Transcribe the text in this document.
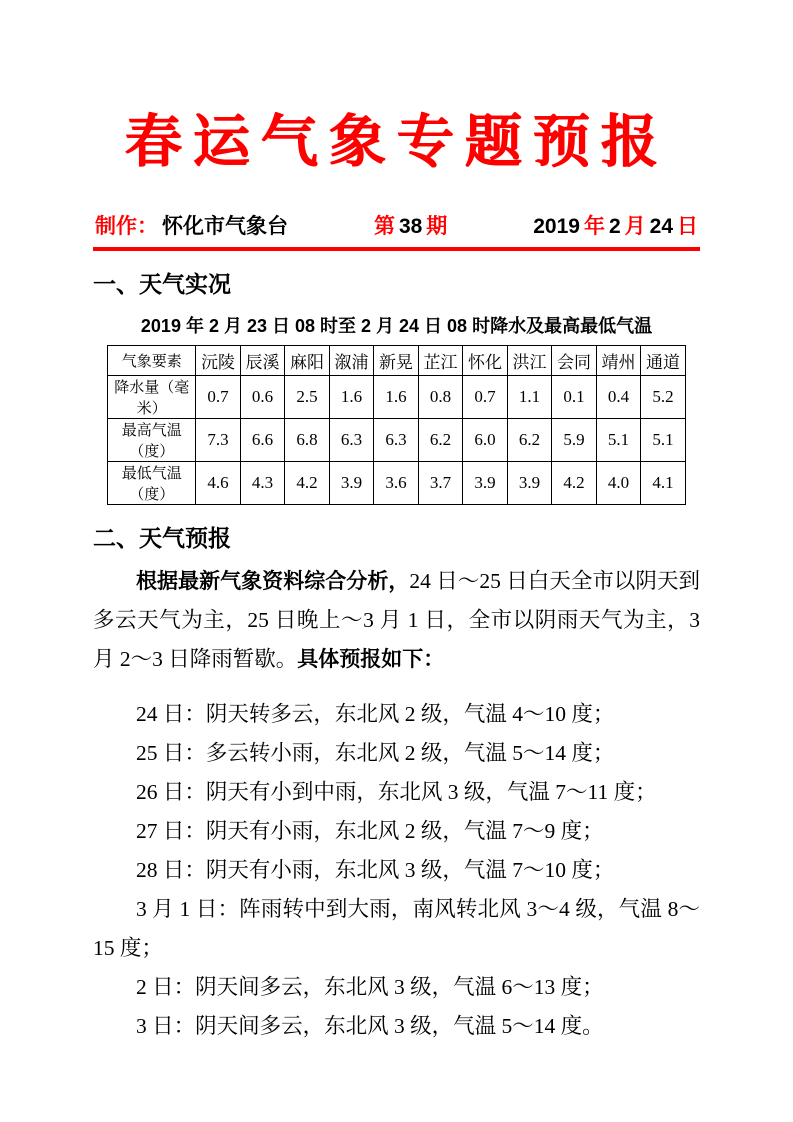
春运气象专题预报
制作： 怀化市气象台	第 38 期	2019 年 2 月 24 日
一、天气实况
2019 年 2 月 23 日 08 时至 2 月 24 日 08 时降水及最高最低气温
气象要素	沅陵	辰溪	麻阳	溆浦	新晃	芷江	怀化	洪江	会同	靖州	通道
降水量（毫米）	0.7	0.6	2.5	1.6	1.6	0.8	0.7	1.1	0.1	0.4	5.2
最高气温（度）	7.3	6.6	6.8	6.3	6.3	6.2	6.0	6.2	5.9	5.1	5.1
最低气温（度）	4.6	4.3	4.2	3.9	3.6	3.7	3.9	3.9	4.2	4.0	4.1
二、天气预报

根据最新气象资料综合分析，24 日～25 日白天全市以阴天到多云天气为主，25 日晚上～3 月 1 日，全市以阴雨天气为主，3 月 2～3 日降雨暂歇。具体预报如下：

24 日：阴天转多云，东北风 2 级，气温 4～10 度；

25 日：多云转小雨，东北风 2 级，气温 5～14 度；

26 日：阴天有小到中雨，东北风 3 级，气温 7～11 度；

27 日：阴天有小雨，东北风 2 级，气温 7～9 度；

28 日：阴天有小雨，东北风 3 级，气温 7～10 度；

3 月 1 日：阵雨转中到大雨，南风转北风 3～4 级，气温 8～15 度；

2 日：阴天间多云，东北风 3 级，气温 6～13 度；

3 日：阴天间多云，东北风 3 级，气温 5～14 度。
